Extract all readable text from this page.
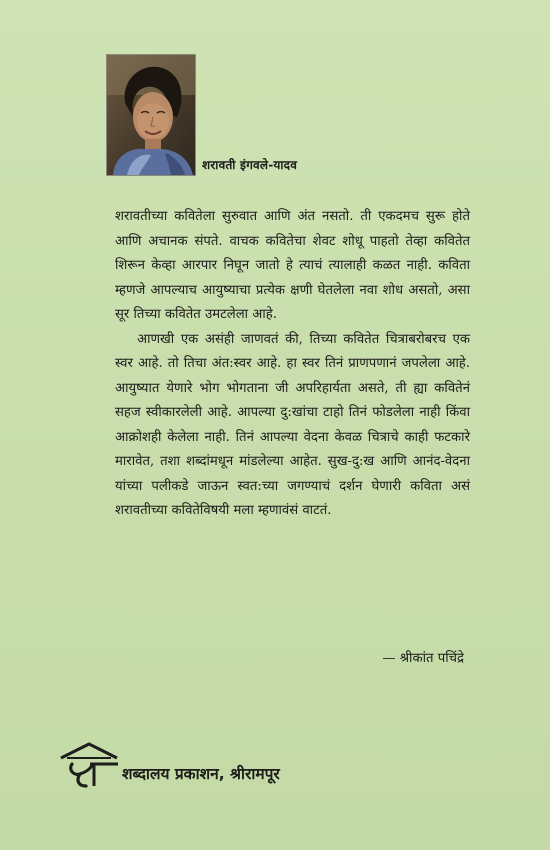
शरावती इंगवले-यादव

शरावतीच्या कवितेला सुरुवात आणि अंत नसतो. ती एकदमच सुरू होते आणि अचानक संपते. वाचक कवितेचा शेवट शोधू पाहतो तेव्हा कवितेत शिरून केव्हा आरपार निघून जातो हे त्याचं त्यालाही कळत नाही. कविता म्हणजे आपल्याच आयुष्याचा प्रत्येक क्षणी घेतलेला नवा शोध असतो, असा सूर तिच्या कवितेत उमटलेला आहे.

आणखी एक असंही जाणवतं की, तिच्या कवितेत चित्राबरोबरच एक स्वर आहे. तो तिचा अंत:स्वर आहे. हा स्वर तिनं प्राणपणानं जपलेला आहे. आयुष्यात येणारे भोग भोगताना जी अपरिहार्यता असते, ती ह्या कवितेनं सहज स्वीकारलेली आहे. आपल्या दु:खांचा टाहो तिनं फोडलेला नाही किंवा आक्रोशही केलेला नाही. तिनं आपल्या वेदना केवळ चित्राचे काही फटकारे मारावेत, तशा शब्दांमधून मांडलेल्या आहेत. सुख-दु:ख आणि आनंद-वेदना यांच्या पलीकडे जाऊन स्वत:च्या जगण्याचं दर्शन घेणारी कविता असं शरावतीच्या कवितेविषयी मला म्हणावंसं वाटतं.

— श्रीकांत पचिंद्रे
शब्दालय प्रकाशन, श्रीरामपूर
